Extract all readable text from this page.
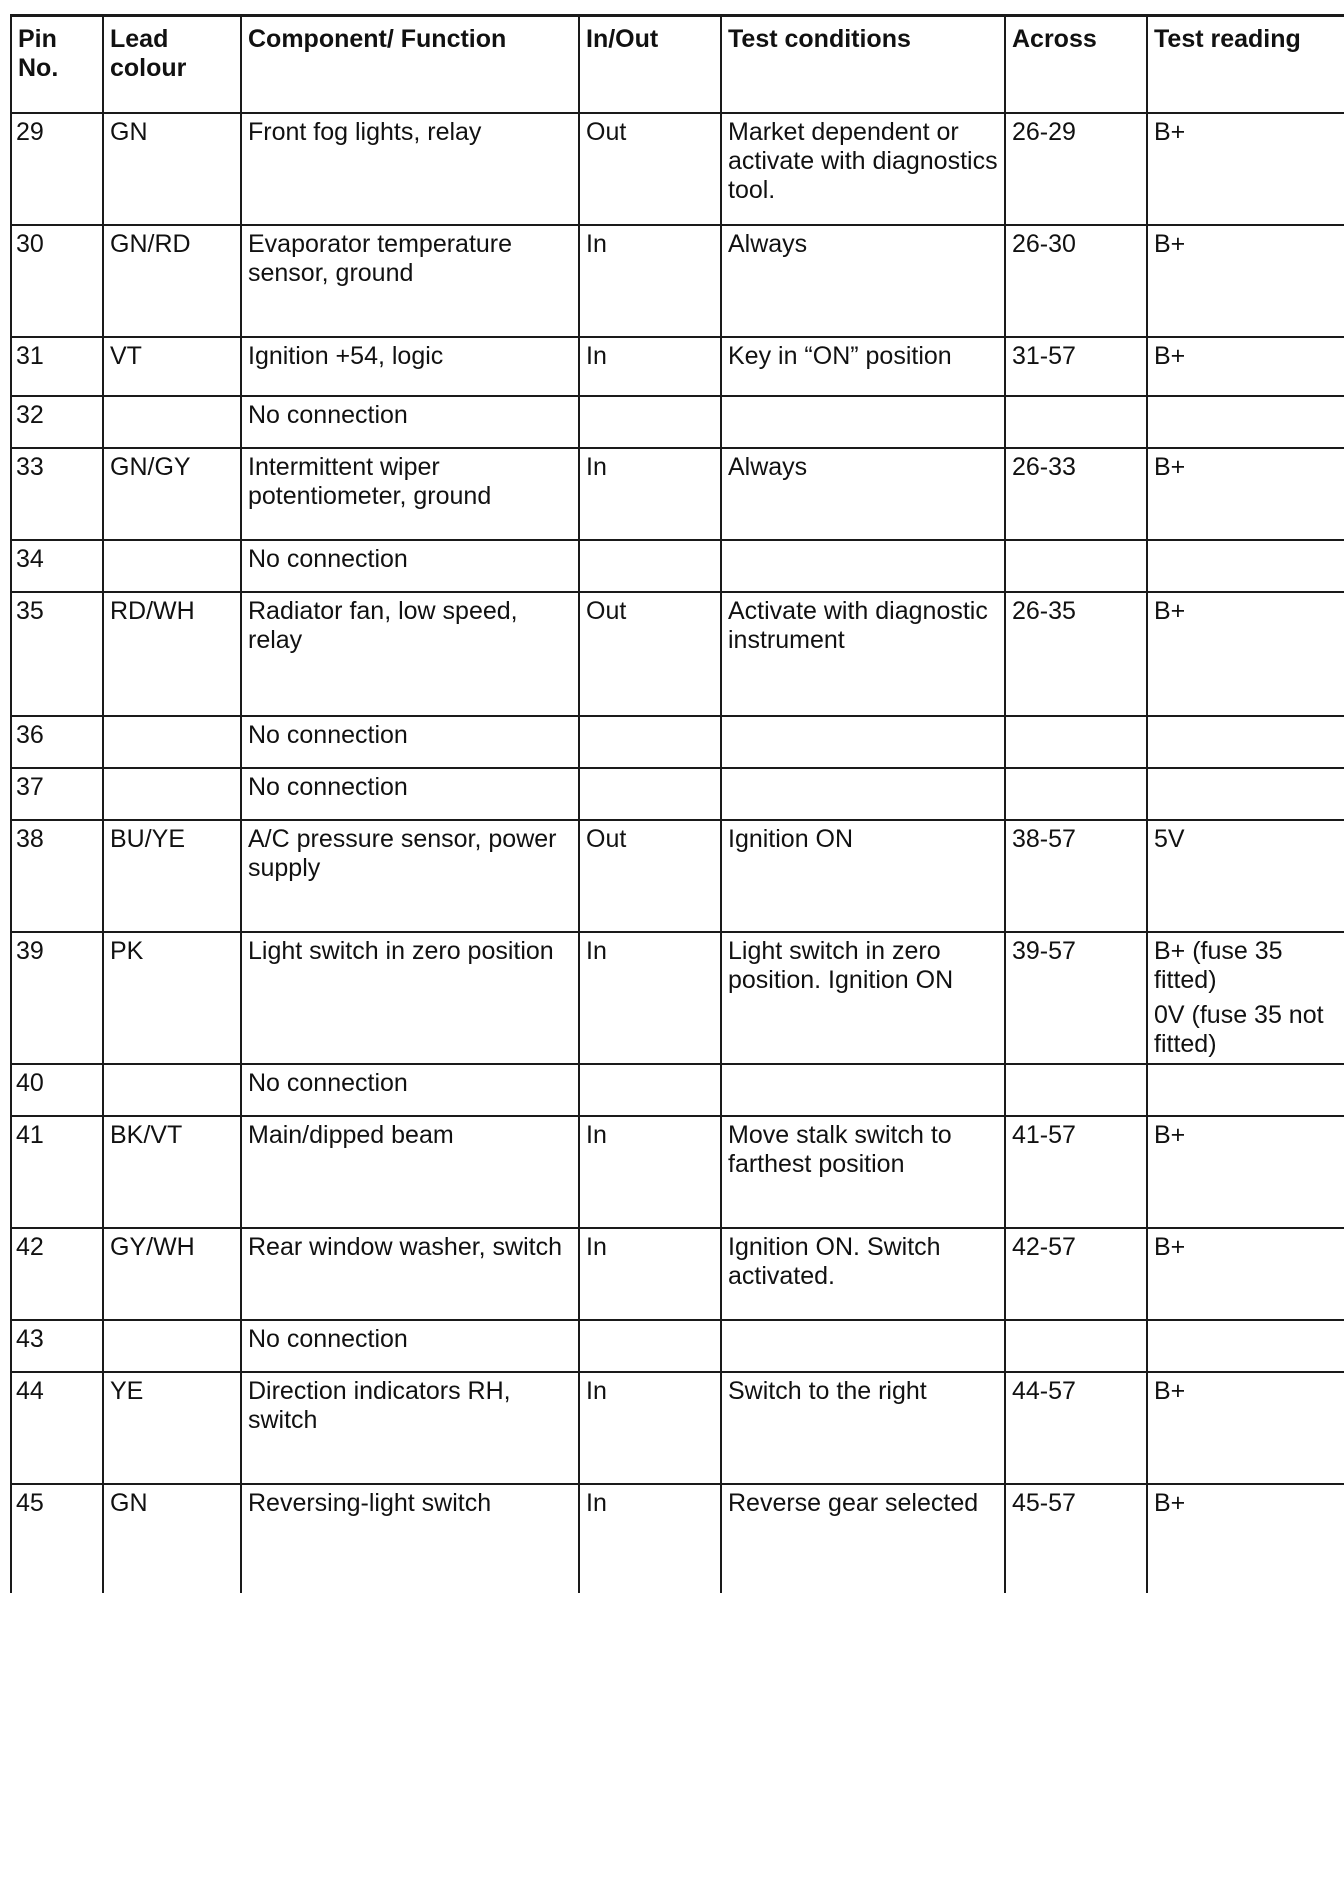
Pin No.	Lead colour	Component/ Function	In/Out	Test conditions	Across	Test reading
29	GN	Front fog lights, relay	Out	Market dependent or activate with diagnostics tool.	26-29	B+

30	GN/RD	Evaporator temperature sensor, ground	In	Always	26-30	B+

31	VT	Ignition +54, logic	In	Key in “ON” position	31-57	B+

32		No connection				

33	GN/GY	Intermittent wiper potentiometer, ground	In	Always	26-33	B+

34		No connection				

35	RD/WH	Radiator fan, low speed, relay	Out	Activate with diagnostic instrument	26-35	B+

36		No connection				

37		No connection				

38	BU/YE	A/C pressure sensor, power supply	Out	Ignition ON	38-57	5V

39	PK	Light switch in zero position	In	Light switch in zero position. Ignition ON	39-57	B+ (fuse 35 fitted)
0V (fuse 35 not fitted)

40		No connection				

41	BK/VT	Main/dipped beam	In	Move stalk switch to farthest position	41-57	B+

42	GY/WH	Rear window washer, switch	In	Ignition ON. Switch activated.	42-57	B+

43		No connection				

44	YE	Direction indicators RH, switch	In	Switch to the right	44-57	B+

45	GN	Reversing-light switch	In	Reverse gear selected	45-57	B+
